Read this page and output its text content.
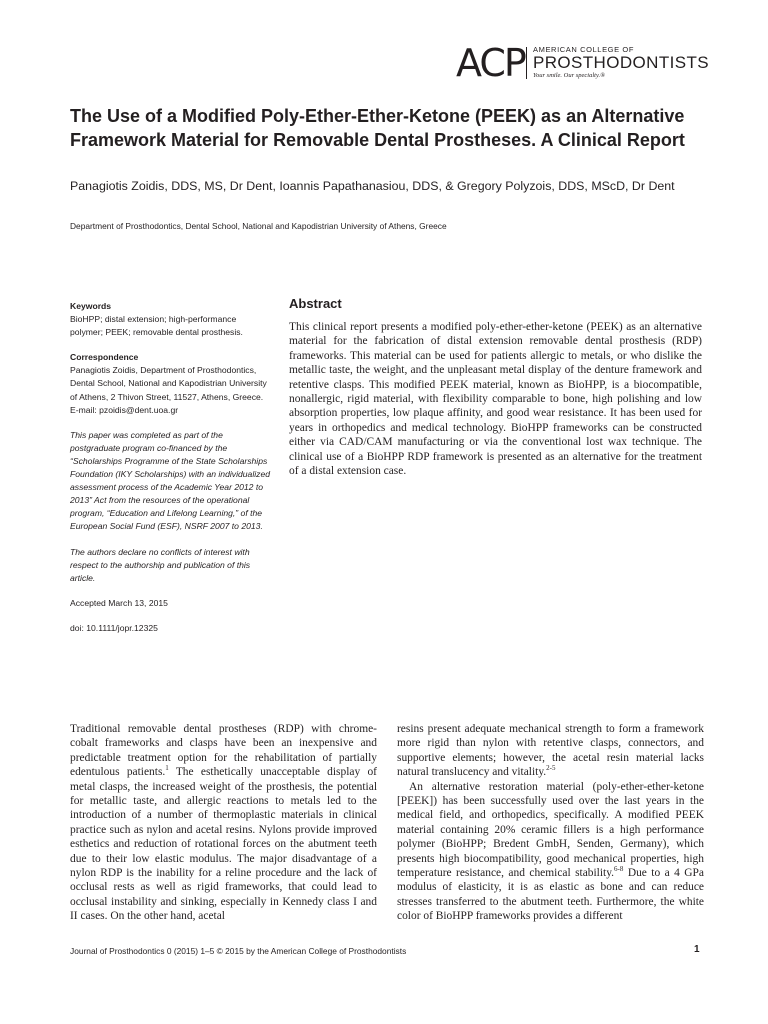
ACP AMERICAN COLLEGE OF
PROSTHODONTISTS
Your smile. Our specialty.®
The Use of a Modified Poly-Ether-Ether-Ketone (PEEK) as an Alternative Framework Material for Removable Dental Prostheses. A Clinical Report
Panagiotis Zoidis, DDS, MS, Dr Dent, Ioannis Papathanasiou, DDS, & Gregory Polyzois, DDS, MScD, Dr Dent
Department of Prosthodontics, Dental School, National and Kapodistrian University of Athens, Greece

Keywords

BioHPP; distal extension; high-performance polymer; PEEK; removable dental prosthesis.

Correspondence

Panagiotis Zoidis, Department of Prosthodontics, Dental School, National and Kapodistrian University of Athens, 2 Thivon Street, 11527, Athens, Greece.

E-mail: pzoidis@dent.uoa.gr

This paper was completed as part of the postgraduate program co-financed by the “Scholarships Programme of the State Scholarships Foundation (IKY Scholarships) with an individualized assessment process of the Academic Year 2012 to 2013” Act from the resources of the operational program, “Education and Lifelong Learning,” of the European Social Fund (ESF), NSRF 2007 to 2013.

The authors declare no conflicts of interest with respect to the authorship and publication of this article.

Accepted March 13, 2015

doi: 10.1111/jopr.12325

Abstract

This clinical report presents a modified poly-ether-ether-ketone (PEEK) as an alternative material for the fabrication of distal extension removable dental prosthesis (RDP) frameworks. This material can be used for patients allergic to metals, or who dislike the metallic taste, the weight, and the unpleasant metal display of the denture framework and retentive clasps. This modified PEEK material, known as BioHPP, is a biocompatible, nonallergic, rigid material, with flexibility comparable to bone, high polishing and low absorption properties, low plaque affinity, and good wear resistance. It has been used for years in orthopedics and medical technology. BioHPP frameworks can be constructed either via CAD/CAM manufacturing or via the conventional lost wax technique. The clinical use of a BioHPP RDP framework is presented as an alternative for the treatment of a distal extension case.

Traditional removable dental prostheses (RDP) with chrome-cobalt frameworks and clasps have been an inexpensive and predictable treatment option for the rehabilitation of partially edentulous patients.$^1$ The esthetically unacceptable display of metal clasps, the increased weight of the prosthesis, the potential for metallic taste, and allergic reactions to metals led to the introduction of a number of thermoplastic materials in clinical practice such as nylon and acetal resins. Nylons provide improved esthetics and reduction of rotational forces on the abutment teeth due to their low elastic modulus. The major disadvantage of a nylon RDP is the inability for a reline procedure and the lack of occlusal rests as well as rigid frameworks, that could lead to occlusal instability and sinking, especially in Kennedy class I and II cases. On the other hand, acetal

resins present adequate mechanical strength to form a framework more rigid than nylon with retentive clasps, connectors, and supportive elements; however, the acetal resin material lacks natural translucency and vitality.$^{2-5}$

An alternative restoration material (poly-ether-ether-ketone [PEEK]) has been successfully used over the last years in the medical field, and orthopedics, specifically. A modified PEEK material containing 20% ceramic fillers is a high performance polymer (BioHPP; Bredent GmbH, Senden, Germany), which presents high biocompatibility, good mechanical properties, high temperature resistance, and chemical stability.$^{6-8}$ Due to a 4 GPa modulus of elasticity, it is as elastic as bone and can reduce stresses transferred to the abutment teeth. Furthermore, the white color of BioHPP frameworks provides a different

Journal of Prosthodontics 0 (2015) 1–5 © 2015 by the American College of Prosthodontists	1
